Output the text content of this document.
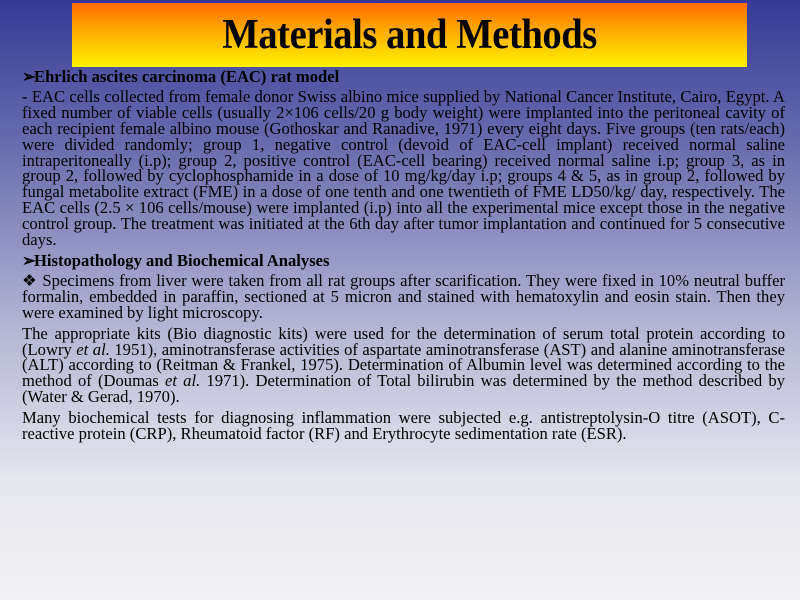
Materials and Methods
➢Ehrlich ascites carcinoma (EAC) rat model
- EAC cells collected from female donor Swiss albino mice supplied by National Cancer Institute, Cairo, Egypt. A fixed number of viable cells (usually 2×106 cells/20 g body weight) were implanted into the peritoneal cavity of each recipient female albino mouse (Gothoskar and Ranadive, 1971) every eight days. Five groups (ten rats/each) were divided randomly; group 1, negative control (devoid of EAC-cell implant) received normal saline intraperitoneally (i.p); group 2, positive control (EAC-cell bearing) received normal saline i.p; group 3, as in group 2, followed by cyclophosphamide in a dose of 10 mg/kg/day i.p; groups 4 & 5, as in group 2, followed by fungal metabolite extract (FME) in a dose of one tenth and one twentieth of FME LD50/kg/ day, respectively. The EAC cells (2.5 × 106 cells/mouse) were implanted (i.p) into all the experimental mice except those in the negative control group. The treatment was initiated at the 6th day after tumor implantation and continued for 5 consecutive days.
➢Histopathology and Biochemical Analyses
❖ Specimens from liver were taken from all rat groups after scarification. They were fixed in 10% neutral buffer formalin, embedded in paraffin, sectioned at 5 micron and stained with hematoxylin and eosin stain. Then they were examined by light microscopy.
The appropriate kits (Bio diagnostic kits) were used for the determination of serum total protein according to (Lowry et al. 1951), aminotransferase activities of aspartate aminotransferase (AST) and alanine aminotransferase (ALT) according to (Reitman & Frankel, 1975). Determination of Albumin level was determined according to the method of (Doumas et al. 1971). Determination of Total bilirubin was determined by the method described by (Water & Gerad, 1970).
Many biochemical tests for diagnosing inflammation were subjected e.g. antistreptolysin-O titre (ASOT), C-reactive protein (CRP), Rheumatoid factor (RF) and Erythrocyte sedimentation rate (ESR).
